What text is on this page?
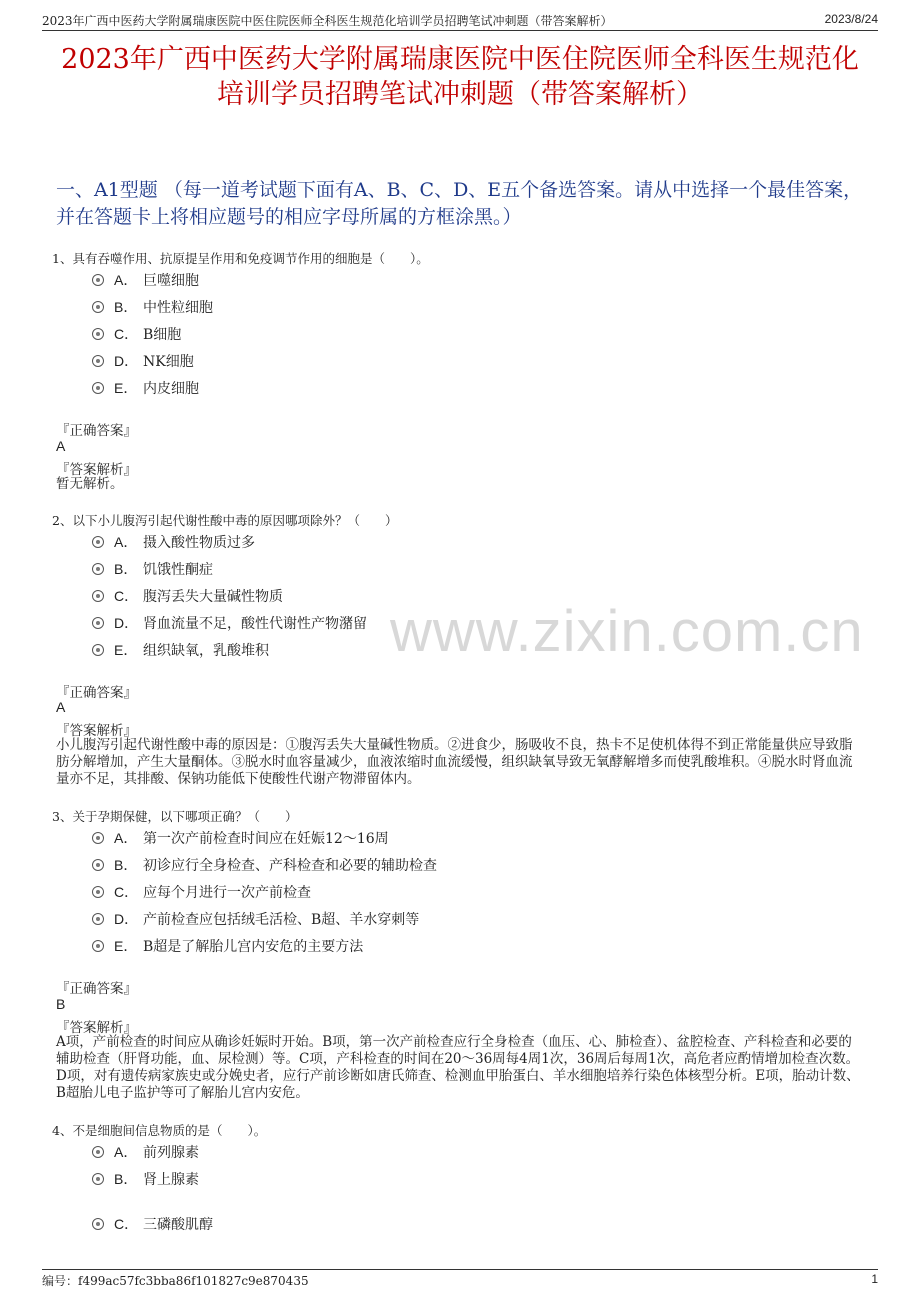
2023年广西中医药大学附属瑞康医院中医住院医师全科医生规范化培训学员招聘笔试冲刺题（带答案解析）	2023/8/24
2023年广西中医药大学附属瑞康医院中医住院医师全科医生规范化培训学员招聘笔试冲刺题（带答案解析）
一、A1型题 （每一道考试题下面有A、B、C、D、E五个备选答案。请从中选择一个最佳答案，并在答题卡上将相应题号的相应字母所属的方框涂黑。）
www.zixin.com.cn
1、具有吞噬作用、抗原提呈作用和免疫调节作用的细胞是（　　）。
A． 巨噬细胞
B． 中性粒细胞
C． B细胞
D． NK细胞
E． 内皮细胞
『正确答案』
A
『答案解析』
暂无解析。
2、以下小儿腹泻引起代谢性酸中毒的原因哪项除外？（　　）
A． 摄入酸性物质过多
B． 饥饿性酮症
C． 腹泻丢失大量碱性物质
D． 肾血流量不足，酸性代谢性产物潴留
E． 组织缺氧，乳酸堆积
『正确答案』
A
『答案解析』
小儿腹泻引起代谢性酸中毒的原因是：①腹泻丢失大量碱性物质。②进食少，肠吸收不良，热卡不足使机体得不到正常能量供应导致脂肪分解增加，产生大量酮体。③脱水时血容量减少，血液浓缩时血流缓慢，组织缺氧导致无氧酵解增多而使乳酸堆积。④脱水时肾血流量亦不足，其排酸、保钠功能低下使酸性代谢产物滞留体内。
3、关于孕期保健，以下哪项正确？（　　）
A． 第一次产前检查时间应在妊娠12～16周
B． 初诊应行全身检查、产科检查和必要的辅助检查
C． 应每个月进行一次产前检查
D． 产前检查应包括绒毛活检、B超、羊水穿刺等
E． B超是了解胎儿宫内安危的主要方法
『正确答案』
B
『答案解析』
A项，产前检查的时间应从确诊妊娠时开始。B项，第一次产前检查应行全身检查（血压、心、肺检查）、盆腔检查、产科检查和必要的辅助检查（肝肾功能，血、尿检测）等。C项，产科检查的时间在20～36周每4周1次，36周后每周1次，高危者应酌情增加检查次数。D项，对有遗传病家族史或分娩史者，应行产前诊断如唐氏筛查、检测血甲胎蛋白、羊水细胞培养行染色体核型分析。E项，胎动计数、B超胎儿电子监护等可了解胎儿宫内安危。
4、不是细胞间信息物质的是（　　）。
A． 前列腺素
B． 肾上腺素
C． 三磷酸肌醇
编号：f499ac57fc3bba86f101827c9e870435	1
